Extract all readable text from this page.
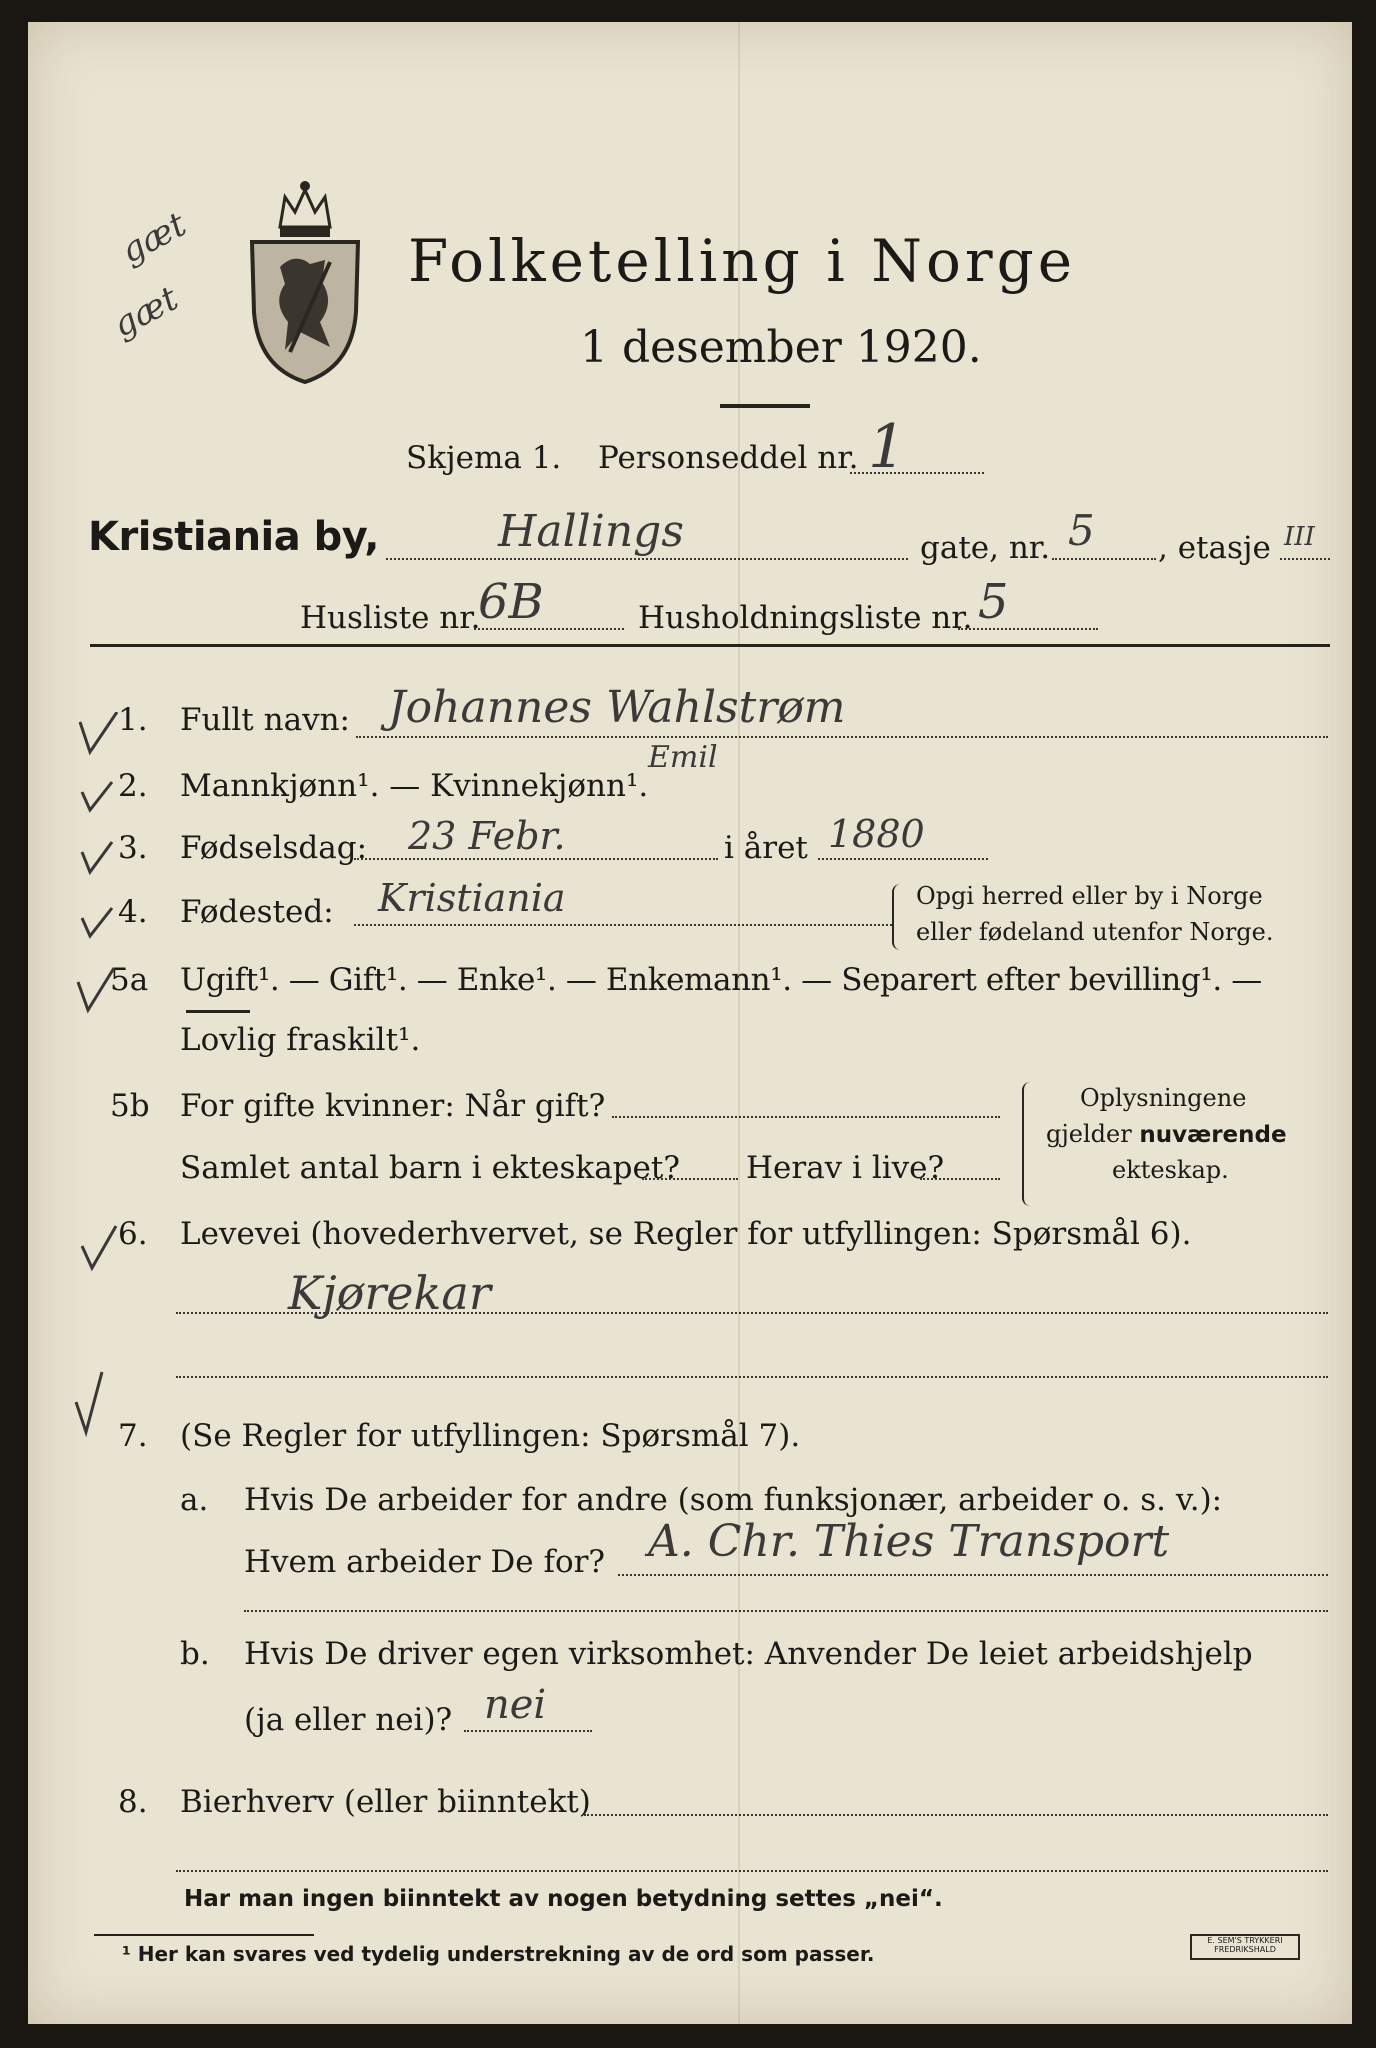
gæt
gæt
Folketelling i Norge
1 desember 1920.
Skjema 1. Personseddel nr. 1
Kristiania by,	Hallings	gate, nr. 5 , etasje III
Husliste nr.
6B	Husholdningsliste nr. 5
1. Fullt navn: Johannes Wahlstrøm
2. Mannkjønn¹. — Kvinnekjønn¹.
Emil
3. Fødselsdag: 23 Febr.	i året 1880
4. Fødested: Kristiania	Opgi herred eller by i Norge
eller fødeland utenfor Norge.
5a Ugift¹. — Gift¹. — Enke¹. — Enkemann¹. — Separert efter bevilling¹. —
Lovlig fraskilt¹.
5b For gifte kvinner: Når gift?
Samlet antal barn i ekteskapet? Herav i live?
Oplysningene
gjelder nuværende
ekteskap.
6. Levevei (hovederhvervet, se Regler for utfyllingen: Spørsmål 6).
Kjørekar
7. (Se Regler for utfyllingen: Spørsmål 7).
a. Hvis De arbeider for andre (som funksjonær, arbeider o. s. v.):
Hvem arbeider De for? A. Chr. Thies Transport
b. Hvis De driver egen virksomhet: Anvender De leiet arbeidshjelp
(ja eller nei)? nei
8. Bierhverv (eller biinntekt)
Har man ingen biinntekt av nogen betydning settes „nei“.
¹ Her kan svares ved tydelig understrekning av de ord som passer.
E. SEM'S TRYKKERI
FREDRIKSHALD
